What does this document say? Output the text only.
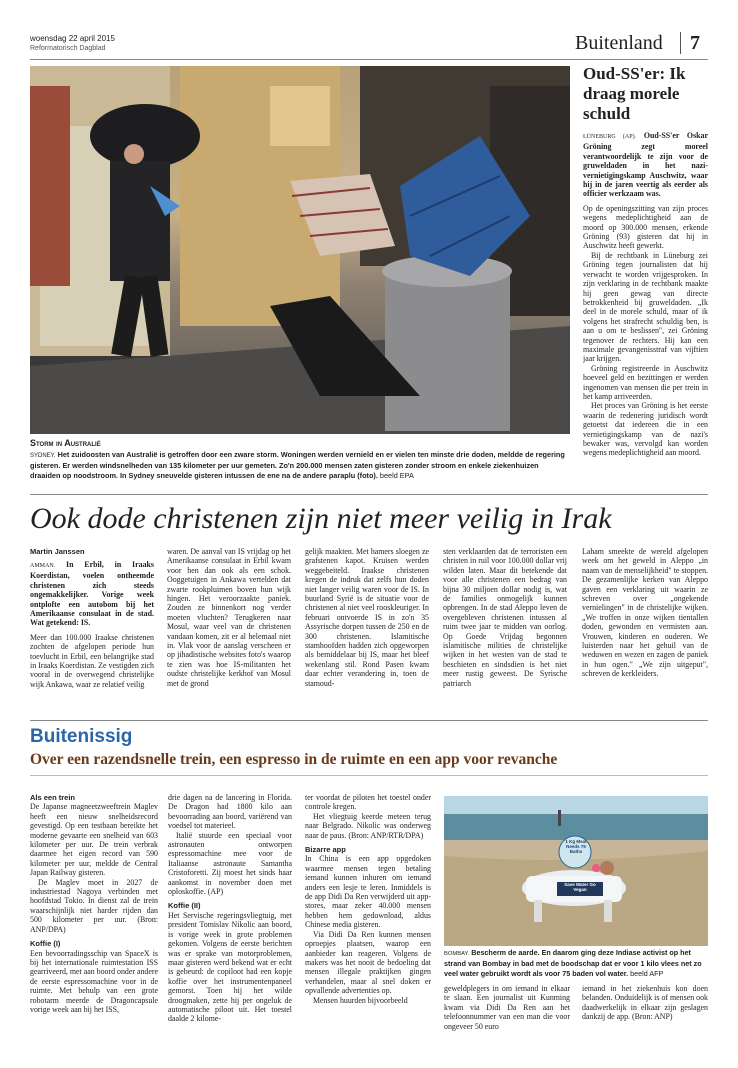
woensdag 22 april 2015
Reformatorisch Dagblad	Buitenland 7
Storm in Australië
SYDNEY. Het zuidoosten van Australië is getroffen door een zware storm. Woningen werden vernield en er vielen ten minste drie doden, meldde de regering gisteren. Er werden windsnelheden van 135 kilometer per uur gemeten. Zo'n 200.000 mensen zaten gisteren zonder stroom en enkele ziekenhuizen draaiden op noodstroom. In Sydney sneuvelde gisteren intussen de ene na de andere paraplu (foto). beeld EPA
Oud-SS'er: Ik draag morele schuld

LÜNEBURG (AP). Oud-SS'er Oskar Gröning zegt moreel verantwoordelijk te zijn voor de gruweldaden in het nazi-vernietigingskamp Auschwitz, waar hij in de jaren veertig als eerder als officier werkzaam was.

Op de openingszitting van zijn proces wegens medeplichtigheid aan de moord op 300.000 mensen, erkende Gröning (93) gisteren dat hij in Auschwitz heeft gewerkt.

Bij de rechtbank in Lüneburg zei Gröning tegen journalisten dat hij verwacht te worden vrijgesproken. In zijn verklaring in de rechtbank maakte hij geen gewag van directe betrokkenheid bij gruweldaden. „Ik deel in de morele schuld, maar of ik volgens het strafrecht schuldig ben, is aan u om te beslissen", zei Gröning tegenover de rechters. Hij kan een maximale gevangenisstraf van vijftien jaar krijgen.

Gröning registreerde in Auschwitz hoeveel geld en bezittingen er werden ingenomen van mensen die per trein in het kamp arriveerden.

Het proces van Gröning is het eerste waarin de redenering juridisch wordt getoetst dat iedereen die in een vernietigingskamp van de nazi's bewaker was, vervolgd kan worden wegens medeplichtigheid aan moord.

Ook dode christenen zijn niet meer veilig in Irak
Martin Janssen

AMMAN. In Erbil, in Iraaks Koerdistan, voelen ontheemde christenen zich steeds ongemakkelijker. Vorige week ontplofte een autobom bij het Amerikaanse consulaat in de stad. Wat getekend: IS.

Meer dan 100.000 Iraakse christenen zochten de afgelopen periode hun toevlucht in Erbil, een belangrijke stad in Iraaks Koerdistan. Ze vestigden zich vooral in de overwegend christelijke wijk Ankawa, waar ze relatief veilig

waren. De aanval van IS vrijdag op het Amerikaanse consulaat in Erbil kwam voor hen dan ook als een schok. Ooggetuigen in Ankawa vertelden dat zwarte rookpluimen boven hun wijk hingen. Het veroorzaakte paniek. Zouden ze binnenkort nog verder moeten vluchten? Terugkeren naar Mosul, waar veel van de christenen vandaan komen, zit er al helemaal niet in. Vlak voor de aanslag verscheen er op jihadistische websites foto's waarop te zien was hoe IS-militanten het oudste christelijke kerkhof van Mosul met de grond

gelijk maakten. Met hamers sloegen ze grafstenen kapot. Kruisen werden weggebeiteld. Iraakse christenen kregen de indruk dat zelfs hun doden niet langer veilig waren voor de IS. In buurland Syrië is de situatie voor de christenen al niet veel rooskleuriger. In februari ontvoerde IS in zo'n 35 Assyrische dorpen tussen de 250 en de 300 christenen. Islamitische stamhoofden hadden zich opgeworpen als bemiddelaar bij IS, maar het bleef wekenlang stil. Rond Pasen kwam daar echter verandering in, toen de stamoud-

sten verklaarden dat de terroristen een christen in ruil voor 100.000 dollar vrij wilden laten. Maar dit betekende dat voor alle christenen een bedrag van bijna 30 miljoen dollar nodig is, wat de families onmogelijk kunnen opbrengen. In de stad Aleppo leven de overgebleven christenen intussen al ruim twee jaar te midden van oorlog. Op Goede Vrijdag begonnen islamitische milities de christelijke wijken in het westen van de stad te beschieten en sindsdien is het niet meer rustig geweest. De Syrische patriarch

Laham smeekte de wereld afgelopen week om het geweld in Aleppo „in naam van de menselijkheid" te stoppen. De gezamenlijke kerken van Aleppo gaven een verklaring uit waarin ze schreven over „ongekende vernielingen" in de christelijke wijken. „We troffen in onze wijken tientallen doden, gewonden en vermisten aan. Vrouwen, kinderen en ouderen. We luisterden naar het gehuil van de weduwen en wezen en zagen de paniek in hun ogen." „We zijn uitgeput", schreven de kerkleiders.

Buitenissig
Over een razendsnelle trein, een espresso in de ruimte en een app voor revanche

Als een trein

De Japanse magneetzweeftrein Maglev heeft een nieuw snelheidsrecord gevestigd. Op een testbaan bereikte het moderne gevaarte een snelheid van 603 kilometer per uur. De trein verbrak daarmee het eigen record van 590 kilometer per uur, meldde de Central Japan Railway gisteren.

De Maglev moet in 2027 de industriestad Nagoya verbinden met hoofdstad Tokio. In dienst zal de trein waarschijnlijk niet harder rijden dan 500 kilometer per uur. (Bron: ANP/DPA)

Koffie (I)

Een bevoorradingsschip van SpaceX is bij het internationale ruimtestation ISS gearriveerd, met aan boord onder andere de eerste espressomachine voor in de ruimte. Met behulp van een grote robotarm meerde de Dragoncapsule vorige week aan bij het ISS,

drie dagen na de lancering in Florida. De Dragon had 1800 kilo aan bevoorrading aan boord, variërend van voedsel tot materieel.

Italië stuurde een speciaal voor astronauten ontworpen espressomachine mee voor de Italiaanse astronaute Samantha Cristoforetti. Zij moest het sinds haar aankomst in november doen met oploskoffie. (AP)

Koffie (II)

Het Servische regeringsvliegtuig, met president Tomislav Nikolic aan boord, is vorige week in grote problemen gekomen. Volgens de eerste berichten was er sprake van motorproblemen, maar gisteren werd bekend wat er echt is gebeurd: de copiloot had een kopje koffie over het instrumentenpaneel gemorst. Toen hij het wilde droogmaken, zette hij per ongeluk de automatische piloot uit. Het toestel daalde 2 kilome-

ter voordat de piloten het toestel onder controle kregen.

Het vliegtuig keerde meteen terug naar Belgrado. Nikolic was onderweg naar de paus. (Bron: ANP/RTR/DPA)

Bizarre app

In China is een app opgedoken waarmee mensen tegen betaling iemand kunnen inhuren om iemand anders een lesje te leren. Inmiddels is de app Didi Da Ren verwijderd uit app-stores, maar zeker 40.000 mensen hebben hem gedownload, aldus Chinese media gisteren.

Via Didi Da Ren kunnen mensen oproepjes plaatsen, waarop een aanbieder kan reageren. Volgens de makers was het nooit de bedoeling dat mensen illegale praktijken gingen verhandelen, maar al snel doken er opvallende advertenties op.

Mensen huurden bijvoorbeeld

1 Kg Meat Needs 75 Baths
Save Water Go Vegan
BOMBAY. Bescherm de aarde. En daarom ging deze Indiase activist op het strand van Bombay in bad met de boodschap dat er voor 1 kilo vlees net zo veel water gebruikt wordt als voor 75 baden vol water. beeld AFP

geweldplegers in om iemand in elkaar te slaan. Een journalist uit Kunming kwam via Didi Da Ren aan het telefoonnummer van een man die voor ongeveer 50 euro

iemand in het ziekenhuis kon doen belanden. Onduidelijk is of mensen ook daadwerkelijk in elkaar zijn geslagen dankzij de app. (Bron: ANP)
